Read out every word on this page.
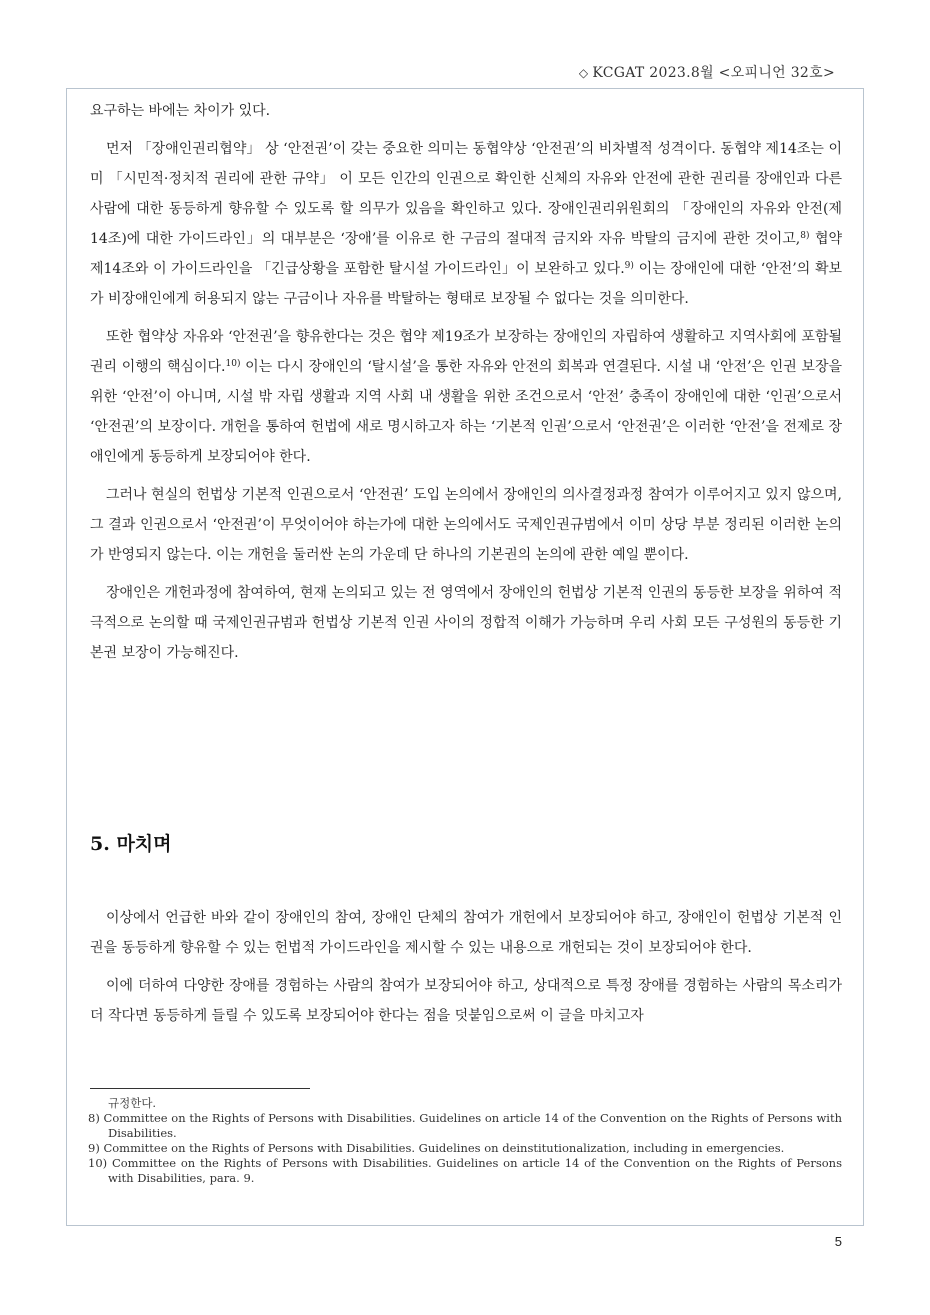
◇ KCGAT 2023.8월 <오피니언 32호>

요구하는 바에는 차이가 있다.

먼저 「장애인권리협약」 상 ‘안전권’이 갖는 중요한 의미는 동협약상 ‘안전권’의 비차별적 성격이다. 동협약 제14조는 이미 「시민적·정치적 권리에 관한 규약」 이 모든 인간의 인권으로 확인한 신체의 자유와 안전에 관한 권리를 장애인과 다른 사람에 대한 동등하게 향유할 수 있도록 할 의무가 있음을 확인하고 있다. 장애인권리위원회의 「장애인의 자유와 안전(제14조)에 대한 가이드라인」의 대부분은 ‘장애’를 이유로 한 구금의 절대적 금지와 자유 박탈의 금지에 관한 것이고,$^{8)}$ 협약 제14조와 이 가이드라인을 「긴급상황을 포함한 탈시설 가이드라인」이 보완하고 있다.$^{9)}$ 이는 장애인에 대한 ‘안전’의 확보가 비장애인에게 허용되지 않는 구금이나 자유를 박탈하는 형태로 보장될 수 없다는 것을 의미한다.

또한 협약상 자유와 ‘안전권’을 향유한다는 것은 협약 제19조가 보장하는 장애인의 자립하여 생활하고 지역사회에 포함될 권리 이행의 핵심이다.$^{10)}$ 이는 다시 장애인의 ‘탈시설’을 통한 자유와 안전의 회복과 연결된다. 시설 내 ‘안전’은 인권 보장을 위한 ‘안전’이 아니며, 시설 밖 자립 생활과 지역 사회 내 생활을 위한 조건으로서 ‘안전’ 충족이 장애인에 대한 ‘인권’으로서 ‘안전권’의 보장이다. 개헌을 통하여 헌법에 새로 명시하고자 하는 ‘기본적 인권’으로서 ‘안전권’은 이러한 ‘안전’을 전제로 장애인에게 동등하게 보장되어야 한다.

그러나 현실의 헌법상 기본적 인권으로서 ‘안전권’ 도입 논의에서 장애인의 의사결정과정 참여가 이루어지고 있지 않으며, 그 결과 인권으로서 ‘안전권’이 무엇이어야 하는가에 대한 논의에서도 국제인권규범에서 이미 상당 부분 정리된 이러한 논의가 반영되지 않는다. 이는 개헌을 둘러싼 논의 가운데 단 하나의 기본권의 논의에 관한 예일 뿐이다.

장애인은 개헌과정에 참여하여, 현재 논의되고 있는 전 영역에서 장애인의 헌법상 기본적 인권의 동등한 보장을 위하여 적극적으로 논의할 때 국제인권규범과 헌법상 기본적 인권 사이의 정합적 이해가 가능하며 우리 사회 모든 구성원의 동등한 기본권 보장이 가능해진다.

5. 마치며

이상에서 언급한 바와 같이 장애인의 참여, 장애인 단체의 참여가 개헌에서 보장되어야 하고, 장애인이 헌법상 기본적 인권을 동등하게 향유할 수 있는 헌법적 가이드라인을 제시할 수 있는 내용으로 개헌되는 것이 보장되어야 한다.

이에 더하여 다양한 장애를 경험하는 사람의 참여가 보장되어야 하고, 상대적으로 특정 장애를 경험하는 사람의 목소리가 더 작다면 동등하게 들릴 수 있도록 보장되어야 한다는 점을 덧붙임으로써 이 글을 마치고자

규정한다.
8) Committee on the Rights of Persons with Disabilities. Guidelines on article 14 of the Convention on the Rights of Persons with Disabilities.
9) Committee on the Rights of Persons with Disabilities. Guidelines on deinstitutionalization, including in emergencies.
10) Committee on the Rights of Persons with Disabilities. Guidelines on article 14 of the Convention on the Rights of Persons with Disabilities, para. 9.
5
